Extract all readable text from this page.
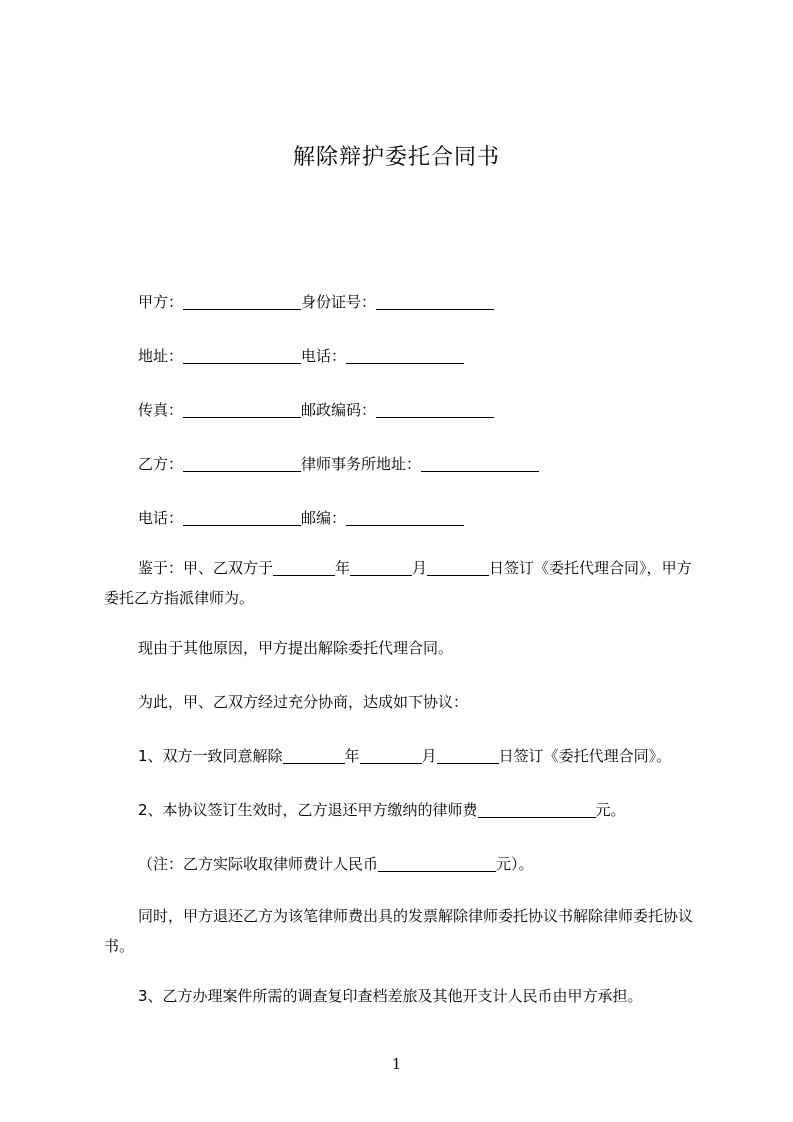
解除辩护委托合同书
甲方：	身份证号：
地址：	电话：
传真：	邮政编码：
乙方：	律师事务所地址：
电话：	邮编：
鉴于：甲、乙双方于	年	月	日签订《委托代理合同》，甲方委托乙方指派律师为。
现由于其他原因，甲方提出解除委托代理合同。
为此，甲、乙双方经过充分协商，达成如下协议：
1、双方一致同意解除	年	月	日签订《委托代理合同》。
2、本协议签订生效时，乙方退还甲方缴纳的律师费	元。
（注：乙方实际收取律师费计人民币	元）。
同时，甲方退还乙方为该笔律师费出具的发票解除律师委托协议书解除律师委托协议书。
3、乙方办理案件所需的调查复印查档差旅及其他开支计人民币由甲方承担。
1
